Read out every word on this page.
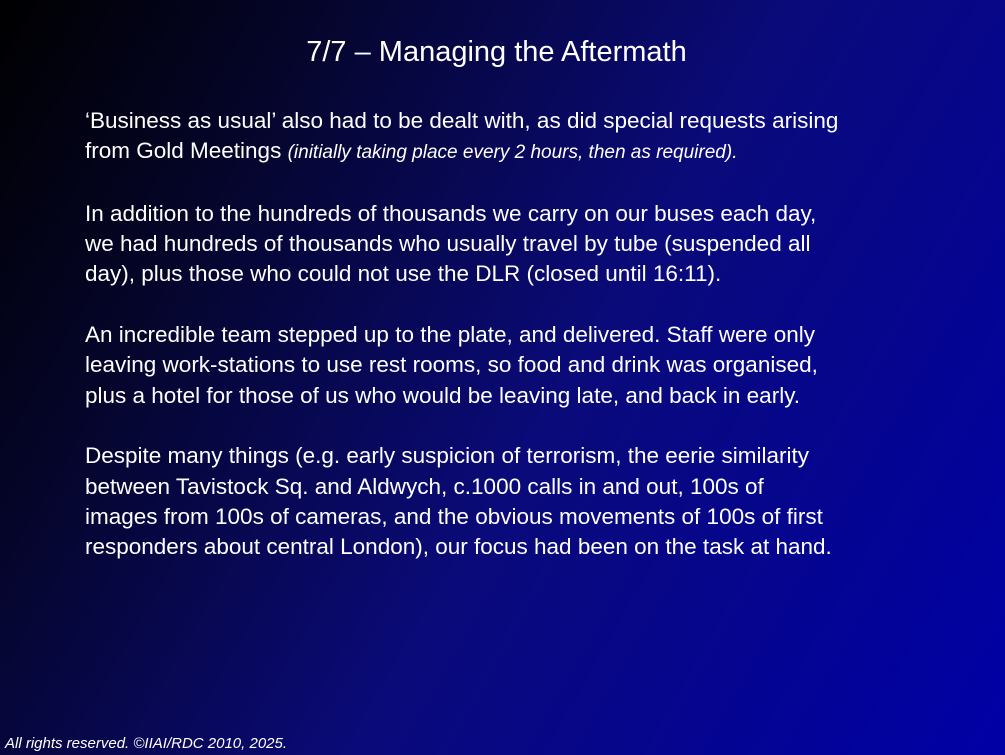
7/7 – Managing the Aftermath

‘Business as usual’ also had to be dealt with, as did special requests arising
from Gold Meetings (initially taking place every 2 hours, then as required).

In addition to the hundreds of thousands we carry on our buses each day,
we had hundreds of thousands who usually travel by tube (suspended all
day), plus those who could not use the DLR (closed until 16:11).

An incredible team stepped up to the plate, and delivered. Staff were only
leaving work-stations to use rest rooms, so food and drink was organised,
plus a hotel for those of us who would be leaving late, and back in early.

Despite many things (e.g. early suspicion of terrorism, the eerie similarity
between Tavistock Sq. and Aldwych, c.1000 calls in and out, 100s of
images from 100s of cameras, and the obvious movements of 100s of first
responders about central London), our focus had been on the task at hand.

All rights reserved. ©IIAI/RDC 2010, 2025.
